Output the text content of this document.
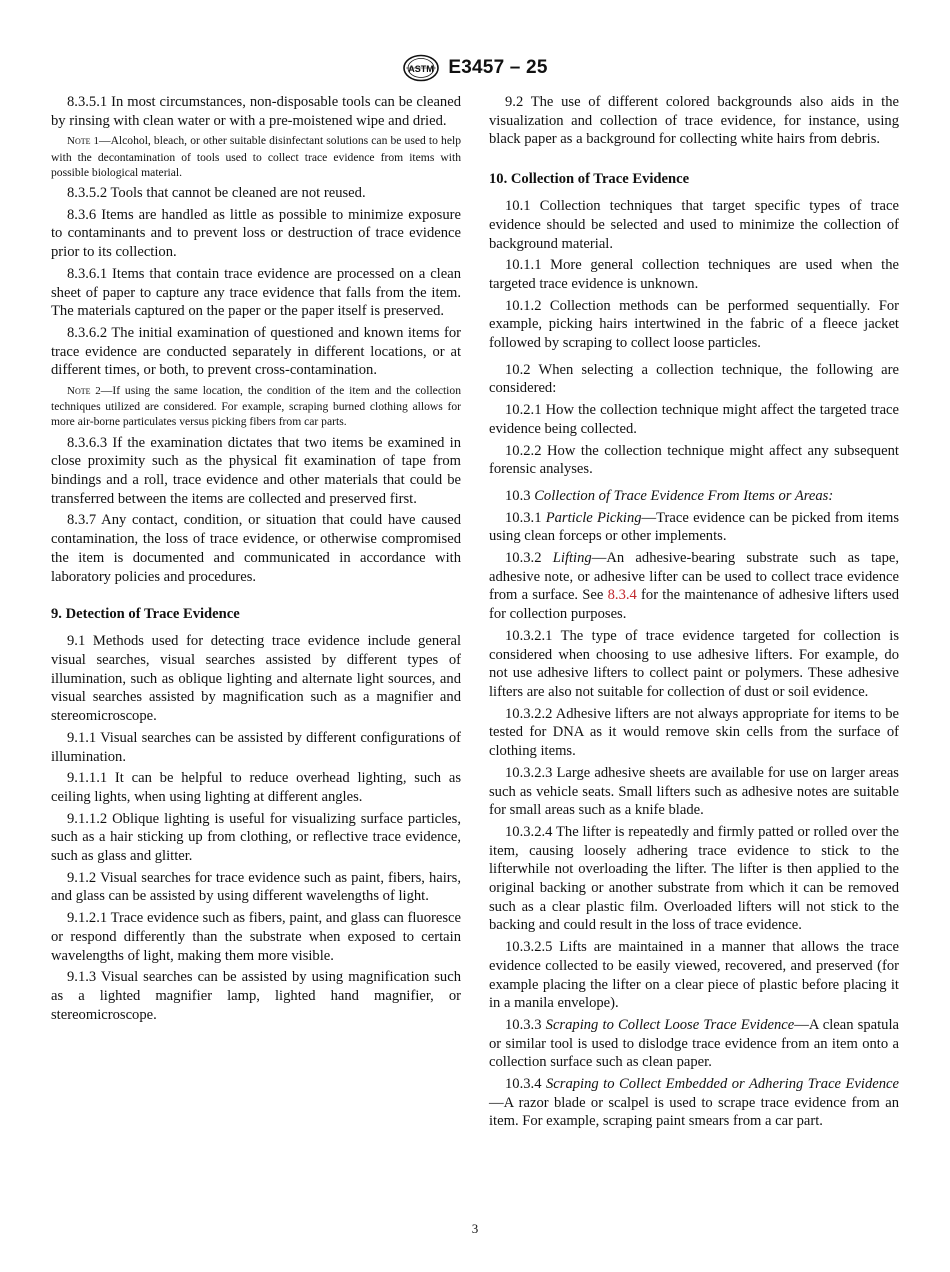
ASTM E3457 – 25

8.3.5.1 In most circumstances, non-disposable tools can be cleaned by rinsing with clean water or with a pre-moistened wipe and dried.

Note 1—Alcohol, bleach, or other suitable disinfectant solutions can be used to help with the decontamination of tools used to collect trace evidence from items with possible biological material.

8.3.5.2 Tools that cannot be cleaned are not reused.

8.3.6 Items are handled as little as possible to minimize exposure to contaminants and to prevent loss or destruction of trace evidence prior to its collection.

8.3.6.1 Items that contain trace evidence are processed on a clean sheet of paper to capture any trace evidence that falls from the item. The materials captured on the paper or the paper itself is preserved.

8.3.6.2 The initial examination of questioned and known items for trace evidence are conducted separately in different locations, or at different times, or both, to prevent cross-contamination.

Note 2—If using the same location, the condition of the item and the collection techniques utilized are considered. For example, scraping burned clothing allows for more air-borne particulates versus picking fibers from car parts.

8.3.6.3 If the examination dictates that two items be examined in close proximity such as the physical fit examination of tape from bindings and a roll, trace evidence and other materials that could be transferred between the items are collected and preserved first.

8.3.7 Any contact, condition, or situation that could have caused contamination, the loss of trace evidence, or otherwise compromised the item is documented and communicated in accordance with laboratory policies and procedures.

9. Detection of Trace Evidence

9.1 Methods used for detecting trace evidence include general visual searches, visual searches assisted by different types of illumination, such as oblique lighting and alternate light sources, and visual searches assisted by magnification such as a magnifier and stereomicroscope.

9.1.1 Visual searches can be assisted by different configurations of illumination.

9.1.1.1 It can be helpful to reduce overhead lighting, such as ceiling lights, when using lighting at different angles.

9.1.1.2 Oblique lighting is useful for visualizing surface particles, such as a hair sticking up from clothing, or reflective trace evidence, such as glass and glitter.

9.1.2 Visual searches for trace evidence such as paint, fibers, hairs, and glass can be assisted by using different wavelengths of light.

9.1.2.1 Trace evidence such as fibers, paint, and glass can fluoresce or respond differently than the substrate when exposed to certain wavelengths of light, making them more visible.

9.1.3 Visual searches can be assisted by using magnification such as a lighted magnifier lamp, lighted hand magnifier, or stereomicroscope.

9.2 The use of different colored backgrounds also aids in the visualization and collection of trace evidence, for instance, using black paper as a background for collecting white hairs from debris.

10. Collection of Trace Evidence

10.1 Collection techniques that target specific types of trace evidence should be selected and used to minimize the collection of background material.

10.1.1 More general collection techniques are used when the targeted trace evidence is unknown.

10.1.2 Collection methods can be performed sequentially. For example, picking hairs intertwined in the fabric of a fleece jacket followed by scraping to collect loose particles.

10.2 When selecting a collection technique, the following are considered:

10.2.1 How the collection technique might affect the targeted trace evidence being collected.

10.2.2 How the collection technique might affect any subsequent forensic analyses.

10.3 Collection of Trace Evidence From Items or Areas:

10.3.1 Particle Picking—Trace evidence can be picked from items using clean forceps or other implements.

10.3.2 Lifting—An adhesive-bearing substrate such as tape, adhesive note, or adhesive lifter can be used to collect trace evidence from a surface. See 8.3.4 for the maintenance of adhesive lifters used for collection purposes.

10.3.2.1 The type of trace evidence targeted for collection is considered when choosing to use adhesive lifters. For example, do not use adhesive lifters to collect paint or polymers. These adhesive lifters are also not suitable for collection of dust or soil evidence.

10.3.2.2 Adhesive lifters are not always appropriate for items to be tested for DNA as it would remove skin cells from the surface of clothing items.

10.3.2.3 Large adhesive sheets are available for use on larger areas such as vehicle seats. Small lifters such as adhesive notes are suitable for small areas such as a knife blade.

10.3.2.4 The lifter is repeatedly and firmly patted or rolled over the item, causing loosely adhering trace evidence to stick to the lifterwhile not overloading the lifter. The lifter is then applied to the original backing or another substrate from which it can be removed such as a clear plastic film. Overloaded lifters will not stick to the backing and could result in the loss of trace evidence.

10.3.2.5 Lifts are maintained in a manner that allows the trace evidence collected to be easily viewed, recovered, and preserved (for example placing the lifter on a clear piece of plastic before placing it in a manila envelope).

10.3.3 Scraping to Collect Loose Trace Evidence—A clean spatula or similar tool is used to dislodge trace evidence from an item onto a collection surface such as clean paper.

10.3.4 Scraping to Collect Embedded or Adhering Trace Evidence—A razor blade or scalpel is used to scrape trace evidence from an item. For example, scraping paint smears from a car part.

3
